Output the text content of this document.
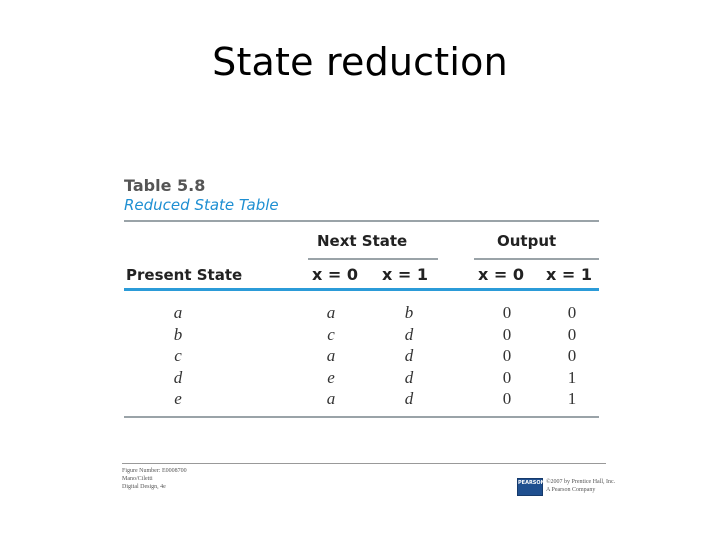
State reduction
Table 5.8
Reduced State Table
Next State	Output
Present State	x = 0 x = 1	x = 0 x = 1
a	a	b	0	0
b	c	d	0	0
c	a	d	0	0
d	e	d	0	1
e	a	d	0	1
Figure Number: E0008700
Mano/Ciletti
Digital Design, 4e
PEARSON ©2007 by Prentice Hall, Inc.
A Pearson Company
